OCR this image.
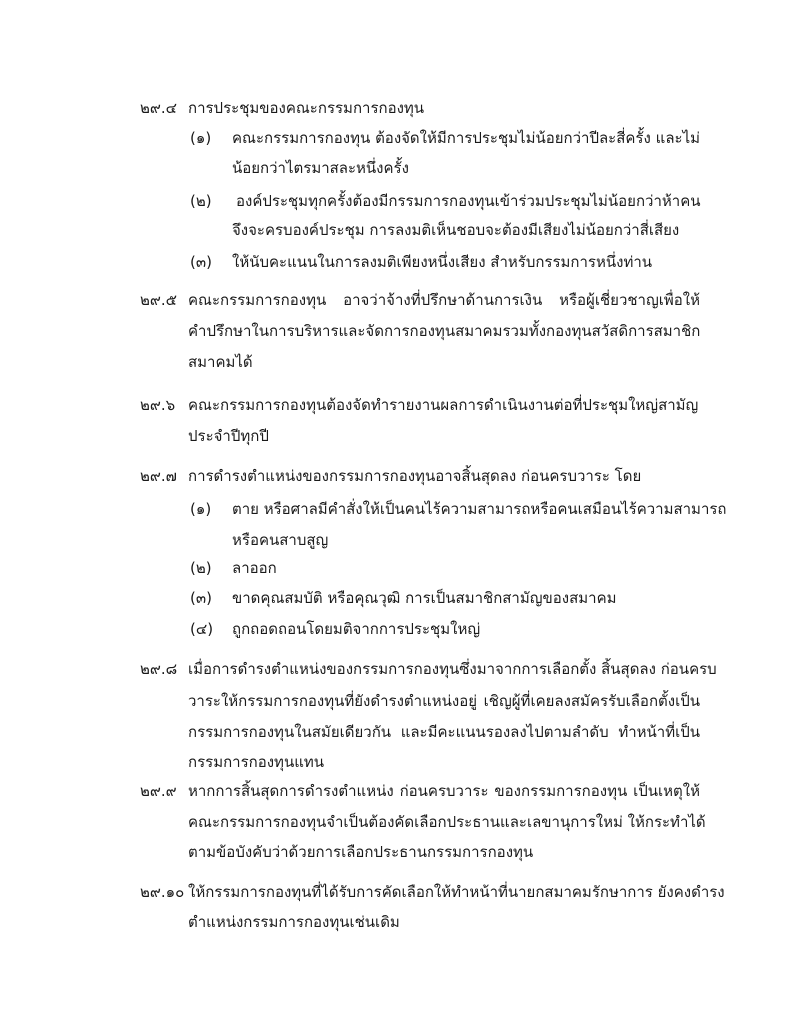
๒๙.๔ การประชุมของคณะกรรมการกองทุน
(๑) คณะกรรมการกองทุน ต้องจัดให้มีการประชุมไม่น้อยกว่าปีละสี่ครั้ง และไม่
น้อยกว่าไตรมาสละหนึ่งครั้ง
(๒) องค์ประชุมทุกครั้งต้องมีกรรมการกองทุนเข้าร่วมประชุมไม่น้อยกว่าห้าคน
จึงจะครบองค์ประชุม การลงมติเห็นชอบจะต้องมีเสียงไม่น้อยกว่าสี่เสียง
(๓) ให้นับคะแนนในการลงมติเพียงหนึ่งเสียง สำหรับกรรมการหนึ่งท่าน
๒๙.๕ คณะกรรมการกองทุน อาจว่าจ้างที่ปรึกษาด้านการเงิน หรือผู้เชี่ยวชาญเพื่อให้
คำปรึกษาในการบริหารและจัดการกองทุนสมาคมรวมทั้งกองทุนสวัสดิการสมาชิก
สมาคมได้
๒๙.๖ คณะกรรมการกองทุนต้องจัดทำรายงานผลการดำเนินงานต่อที่ประชุมใหญ่สามัญ
ประจำปีทุกปี
๒๙.๗ การดำรงตำแหน่งของกรรมการกองทุนอาจสิ้นสุดลง ก่อนครบวาระ โดย
(๑) ตาย หรือศาลมีคำสั่งให้เป็นคนไร้ความสามารถหรือคนเสมือนไร้ความสามารถ
หรือคนสาบสูญ
(๒) ลาออก
(๓) ขาดคุณสมบัติ หรือคุณวุฒิ การเป็นสมาชิกสามัญของสมาคม
(๔) ถูกถอดถอนโดยมติจากการประชุมใหญ่
๒๙.๘ เมื่อการดำรงตำแหน่งของกรรมการกองทุนซึ่งมาจากการเลือกตั้ง สิ้นสุดลง ก่อนครบ
วาระให้กรรมการกองทุนที่ยังดำรงตำแหน่งอยู่ เชิญผู้ที่เคยลงสมัครรับเลือกตั้งเป็น
กรรมการกองทุนในสมัยเดียวกัน และมีคะแนนรองลงไปตามลำดับ ทำหน้าที่เป็น
กรรมการกองทุนแทน
๒๙.๙ หากการสิ้นสุดการดำรงตำแหน่ง ก่อนครบวาระ ของกรรมการกองทุน เป็นเหตุให้
คณะกรรมการกองทุนจำเป็นต้องคัดเลือกประธานและเลขานุการใหม่ ให้กระทำได้
ตามข้อบังคับว่าด้วยการเลือกประธานกรรมการกองทุน
๒๙.๑๐ ให้กรรมการกองทุนที่ได้รับการคัดเลือกให้ทำหน้าที่นายกสมาคมรักษาการ ยังคงดำรง
ตำแหน่งกรรมการกองทุนเช่นเดิม
